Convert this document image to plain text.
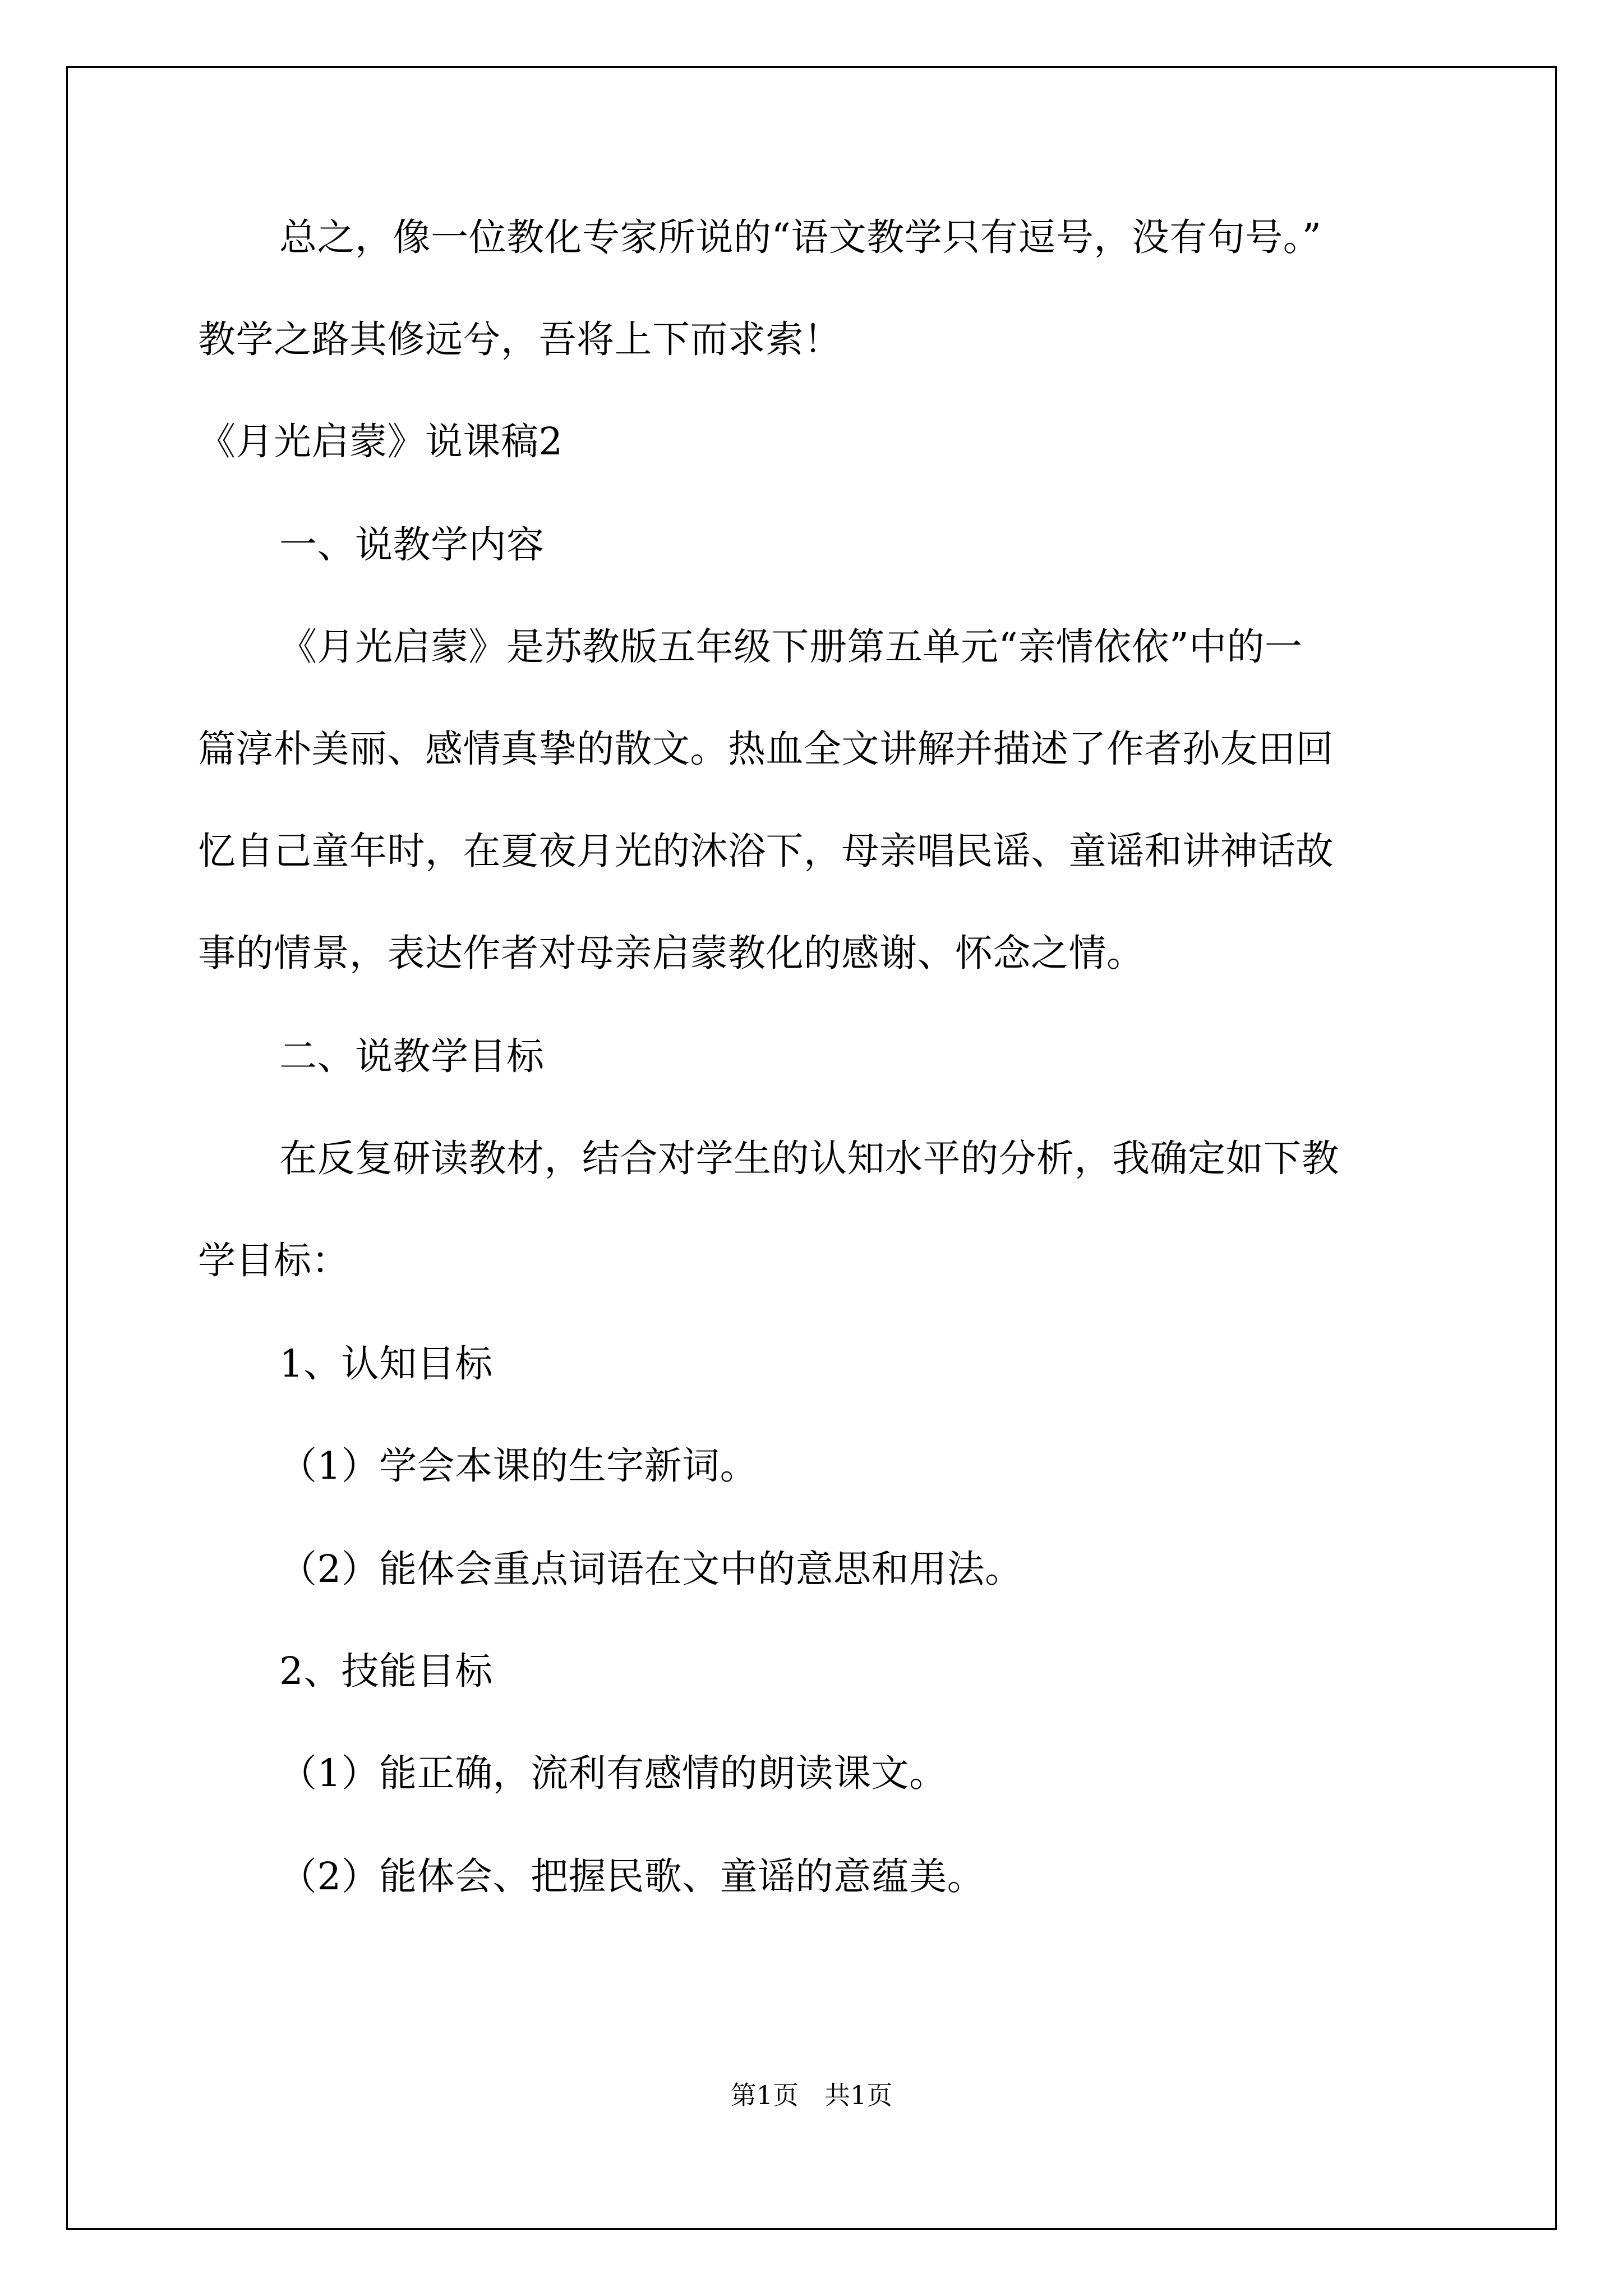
总之，像一位教化专家所说的“语文教学只有逗号，没有句号。”
教学之路其修远兮，吾将上下而求索！
《月光启蒙》说课稿2
一、说教学内容
《月光启蒙》是苏教版五年级下册第五单元“亲情依依”中的一
篇淳朴美丽、感情真挚的散文。热血全文讲解并描述了作者孙友田回
忆自己童年时，在夏夜月光的沐浴下，母亲唱民谣、童谣和讲神话故
事的情景，表达作者对母亲启蒙教化的感谢、怀念之情。
二、说教学目标
在反复研读教材，结合对学生的认知水平的分析，我确定如下教
学目标：
1、认知目标
（1）学会本课的生字新词。
（2）能体会重点词语在文中的意思和用法。
2、技能目标
（1）能正确，流利有感情的朗读课文。
（2）能体会、把握民歌、童谣的意蕴美。
第1页　共1页
